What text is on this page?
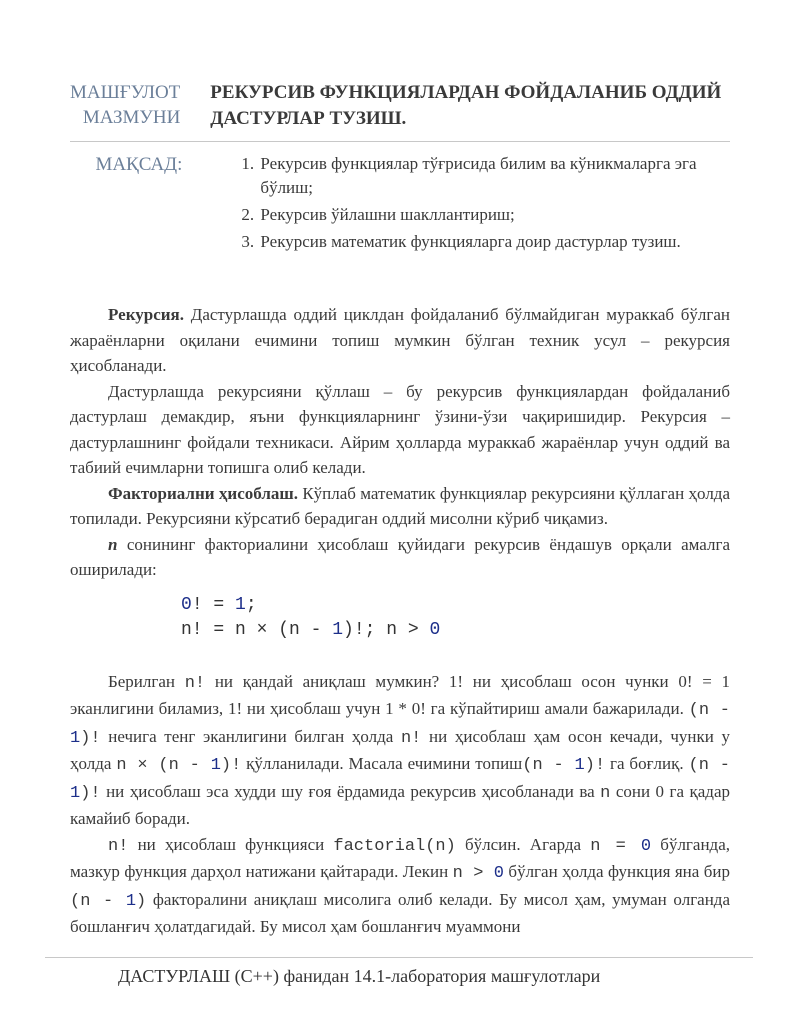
МАШҒУЛОТ
МАЗМУНИ
РЕКУРСИВ ФУНКЦИЯЛАРДАН ФОЙДАЛАНИБ ОДДИЙ ДАСТУРЛАР ТУЗИШ.
МАҚСАД:
1.	Рекурсив функциялар тўғрисида билим ва кўникмаларга эга бўлиш;
2. Рекурсив ўйлашни шакллантириш;
3. Рекурсив математик функцияларга доир дастурлар тузиш.

Рекурсия. Дастурлашда оддий циклдан фойдаланиб бўлмайдиган мураккаб бўлган жараёнларни оқилани ечимини топиш мумкин бўлган техник усул – рекурсия ҳисобланади.

Дастурлашда рекурсияни қўллаш – бу рекурсив функциялардан фойдаланиб дастурлаш демакдир, яъни функцияларнинг ўзини-ўзи чақиришидир. Рекурсия – дастурлашнинг фойдали техникаси. Айрим ҳолларда мураккаб жараёнлар учун оддий ва табиий ечимларни топишга олиб келади.

Факториални ҳисоблаш. Кўплаб математик функциялар рекурсияни қўллаган ҳолда топилади. Рекурсияни кўрсатиб берадиган оддий мисолни кўриб чиқамиз.

n сонининг факториалини ҳисоблаш қуйидаги рекурсив ёндашув орқали амалга оширилади:

0! = 1;
n! = n × (n - 1)!; n > 0

Берилган n! ни қандай аниқлаш мумкин? 1! ни ҳисоблаш осон чунки 0! = 1 эканлигини биламиз, 1! ни ҳисоблаш учун 1 * 0! га кўпайтириш амали бажарилади. (n - 1)! нечига тенг эканлигини билган ҳолда n! ни ҳисоблаш ҳам осон кечади, чунки у ҳолда n × (n - 1)! қўлланилади. Масала ечимини топиш(n - 1)! га боғлиқ. (n - 1)! ни ҳисоблаш эса худди шу ғоя ёрдамида рекурсив ҳисобланади ва n сони 0 га қадар камайиб боради.

n! ни ҳисоблаш функцияси factorial(n) бўлсин. Агарда n = 0 бўлганда, мазкур функция дарҳол натижани қайтаради. Лекин n > 0 бўлган ҳолда функция яна бир (n - 1) факторалини аниқлаш мисолига олиб келади. Бу мисол ҳам, умуман олганда бошланғич ҳолатдагидай. Бу мисол ҳам бошланғич муаммони

ДАСТУРЛАШ (С++) фанидан 14.1-лаборатория машғулотлари
